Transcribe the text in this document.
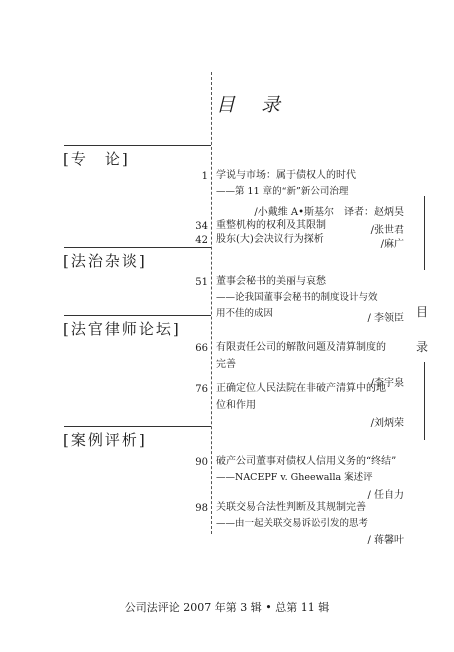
目 录
[专　论]
[法治杂谈]
[法官律师论坛]
[案例评析]
1 学说与市场：属于债权人的时代
——第 11 章的“新”新公司治理
/小戴维 A•斯基尔　译者：赵炳昊
34 重整机构的权利及其限制	/张世君
42 股东(大)会决议行为探析	/麻广
51 董事会秘书的美丽与哀愁
——论我国董事会秘书的制度设计与效
用不佳的成因	/ 李领臣
66 有限责任公司的解散问题及清算制度的
完善
/李宇泉
76 正确定位人民法院在非破产清算中的地
位和作用
/刘炳荣
90 破产公司董事对债权人信用义务的“终结”
——NACEPF v. Gheewalla 案述评
/ 任自力
98 关联交易合法性判断及其规制完善
——由一起关联交易诉讼引发的思考
/ 蒋馨叶
目
录
公司法评论 2007 年第 3 辑 • 总第 11 辑
